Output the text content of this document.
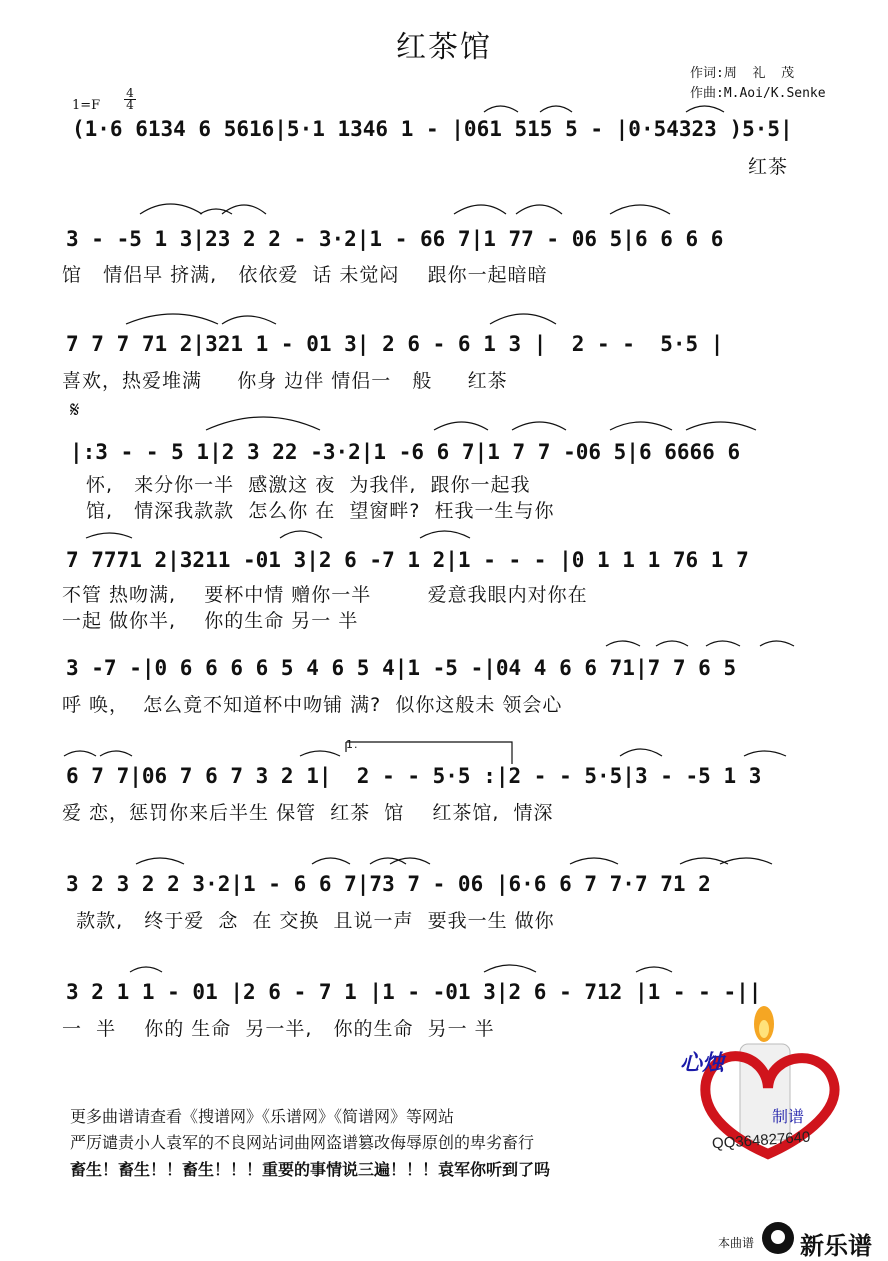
红茶馆
作词:周  礼  茂
作曲:M.Aoi/K.Senke
1=F
4
4
(1·6 6134 6 5616|5·1 1346 1 - |061 515 5 - |0·54323 )5·5|
红茶
3 - -5 1 3|23 2 2 - 3·2|1 - 66 7|1 77 - 06 5|6 6 6 6
馆   情侣早 挤满,   依依爱  话 未觉闷    跟你一起暗暗
7 7 7 71 2|321 1 - 01 3| 2 6 - 6 1 3 |  2 - -  5·5 |
喜欢，热爱堆满     你身 边伴 情侣一   般     红茶
𝄋
|:3 - - 5 1|2 3 22 -3·2|1 -6 6 7|1 7 7 -06 5|6 6666 6
怀,   来分你一半  感激这 夜  为我伴,  跟你一起我
馆,   情深我款款  怎么你 在  望窗畔?  枉我一生与你
7 7771 2|3211 -01 3|2 6 -7 1 2|1 - - - |0 1 1 1 76 1 7
不管 热吻满,    要杯中情 赠你一半        爱意我眼内对你在
一起 做你半,    你的生命 另一 半
3 -7 -|0 6 6 6 6 5 4 6 5 4|1 -5 -|04 4 6 6 71|7 7 6 5
呼 唤，  怎么竟不知道杯中吻铺 满?  似你这般未 领会心
1.
6 7 7|06 7 6 7 3 2 1|  2 - - 5·5 :|2 - - 5·5|3 - -5 1 3
爱 恋，惩罚你来后半生 保管  红茶  馆    红茶馆,  情深
3 2 3 2 2 3·2|1 - 6 6 7|73 7 - 06 |6·6 6 7 7·7 71 2
款款,   终于爱  念  在 交换  且说一声  要我一生 做你
3 2 1 1 - 01 |2 6 - 7 1 |1 - -01 3|2 6 - 712 |1 - - -||
一  半    你的 生命  另一半,   你的生命  另一 半
心烛
制谱
QQ364827640
更多曲谱请查看《搜谱网》《乐谱网》《简谱网》等网站
严厉谴责小人袁军的不良网站词曲网盗谱篡改侮辱原创的卑劣畜行
畜生！畜生！！畜生！！！重要的事情说三遍！！！袁军你听到了吗
本曲谱 新乐谱
